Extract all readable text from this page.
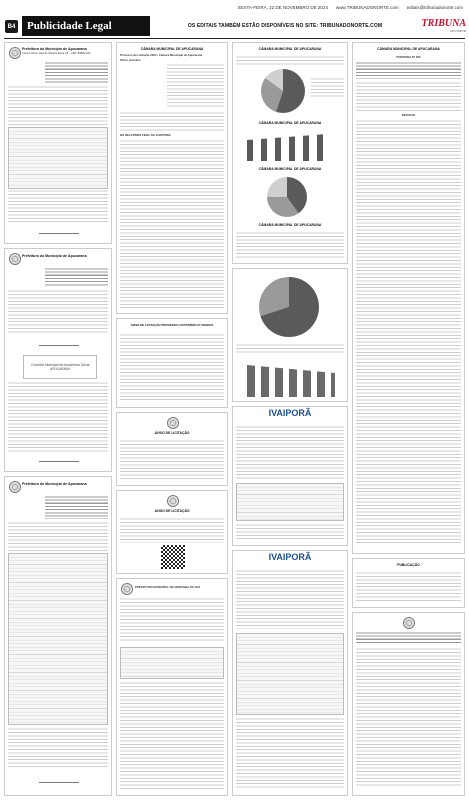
SEXTA-FEIRA, 22 DE NOVEMBRO DE 2024 www.TRIBUNADONORTE.com editais@tribunadonorte.com
B4	Publicidade Legal	OS EDITAIS TAMBÉM ESTÃO DISPONÍVEIS NO SITE: TRIBUNADONORTE.COM	TRIBUNA
DO NORTE
Prefeitura do Município de Apucarana
Centro Cívico José de Oliveira Rosa, 25 – CEP: 86800-235
Prefeitura do Município de Apucarana
Conselho Municipal de Assistência Social APUCARANA
Prefeitura do Município de Apucarana
CÂMARA MUNICIPAL DE APUCARANA
Processo de Licitação 2024 - Câmara Municipal de Apucarana
Ofício Anônimo
DO RELATÓRIO FINAL DA AUDITORIA
AVISO DE LICITAÇÃO PROCESSO LICITATÓRIO Nº 000/2024
AVISO DE LICITAÇÃO
AVISO DE LICITAÇÃO
PREFEITURA MUNICIPAL DE ARIRANHA DO IVAÍ
CÂMARA MUNICIPAL DE APUCARANA
CÂMARA MUNICIPAL DE APUCARANA
CÂMARA MUNICIPAL DE APUCARANA
CÂMARA MUNICIPAL DE APUCARANA
IVAIPORÃ
IVAIPORÃ
CÂMARA MUNICIPAL DE APUCARANA
PORTARIA Nº 000
RESOLVE
PUBLICAÇÃO
